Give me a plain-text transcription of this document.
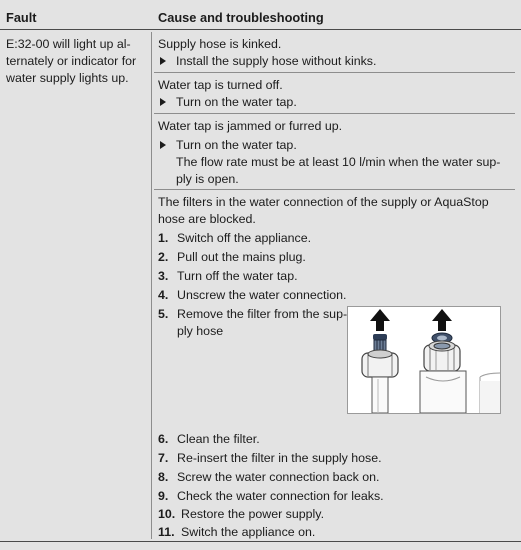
Fault	Cause and troubleshooting
E:32-00 will light up al-
ternately or indicator for
water supply lights up.
Supply hose is kinked.
Install the supply hose without kinks.
Water tap is turned off.
Turn on the water tap.
Water tap is jammed or furred up.
Turn on the water tap.
The flow rate must be at least 10 l/min when the water sup-
ply is open.
The filters in the water connection of the supply or AquaStop
hose are blocked.
1. Switch off the appliance.
2. Pull out the mains plug.
3. Turn off the water tap.
4. Unscrew the water connection.
5. Remove the filter from the sup-
ply hose
6. Clean the filter.
7. Re-insert the filter in the supply hose.
8. Screw the water connection back on.
9. Check the water connection for leaks.
10. Restore the power supply.
11. Switch the appliance on.
